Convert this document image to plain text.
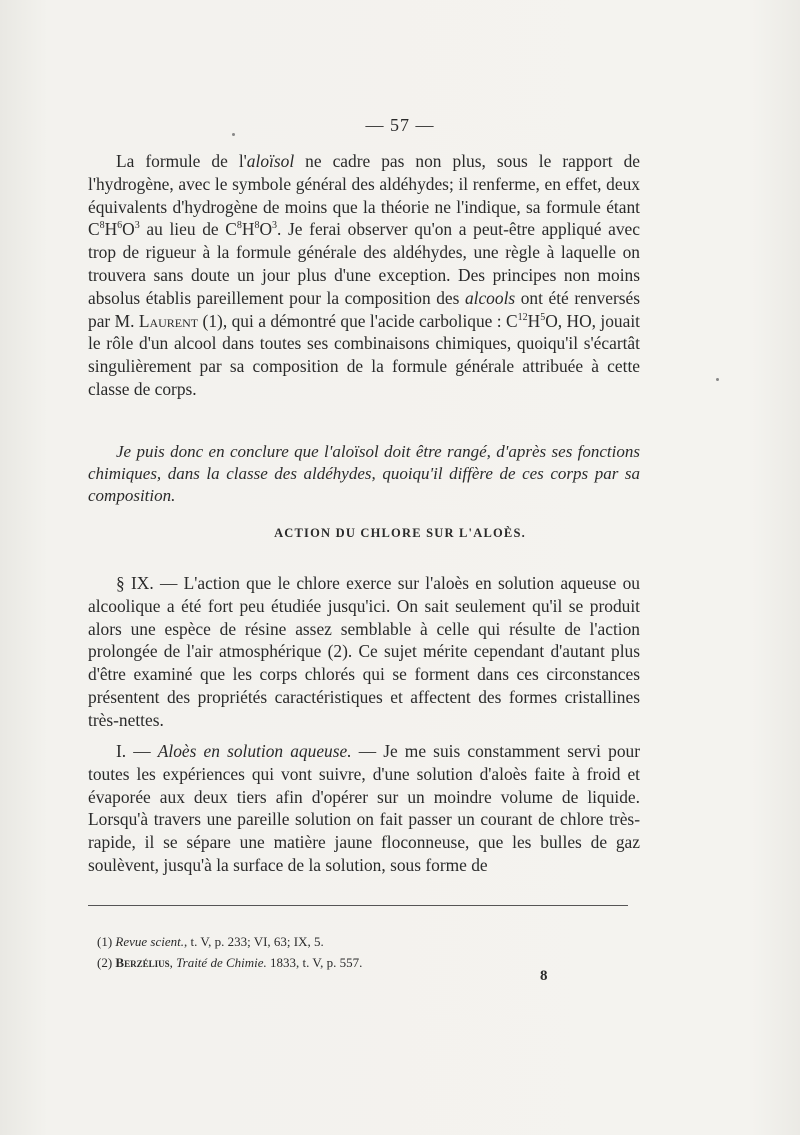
— 57 —

La formule de l'aloïsol ne cadre pas non plus, sous le rapport de l'hydrogène, avec le symbole général des aldéhydes; il renferme, en effet, deux équivalents d'hydrogène de moins que la théorie ne l'indique, sa formule étant $C^8H^6O^3$ au lieu de $C^8H^8O^3$. Je ferai observer qu'on a peut-être appliqué avec trop de rigueur à la formule générale des aldéhydes, une règle à laquelle on trouvera sans doute un jour plus d'une exception. Des principes non moins absolus établis pareillement pour la composition des alcools ont été renversés par M. Laurent (1), qui a démontré que l'acide carbolique : $C^{12}H^5O$, HO, jouait le rôle d'un alcool dans toutes ses combinaisons chimiques, quoiqu'il s'écartât singulièrement par sa composition de la formule générale attribuée à cette classe de corps.

Je puis donc en conclure que l'aloïsol doit être rangé, d'après ses fonctions chimiques, dans la classe des aldéhydes, quoiqu'il diffère de ces corps par sa composition.

ACTION DU CHLORE SUR L'ALOÈS.

§ IX. — L'action que le chlore exerce sur l'aloès en solution aqueuse ou alcoolique a été fort peu étudiée jusqu'ici. On sait seulement qu'il se produit alors une espèce de résine assez semblable à celle qui résulte de l'action prolongée de l'air atmosphérique (2). Ce sujet mérite cependant d'autant plus d'être examiné que les corps chlorés qui se forment dans ces circonstances présentent des propriétés caractéristiques et affectent des formes cristallines très-nettes.

I. — Aloès en solution aqueuse. — Je me suis constamment servi pour toutes les expériences qui vont suivre, d'une solution d'aloès faite à froid et évaporée aux deux tiers afin d'opérer sur un moindre volume de liquide. Lorsqu'à travers une pareille solution on fait passer un courant de chlore très-rapide, il se sépare une matière jaune floconneuse, que les bulles de gaz soulèvent, jusqu'à la surface de la solution, sous forme de

(1) Revue scient., t. V, p. 233; VI, 63; IX, 5.
(2) Berzélius, Traité de Chimie. 1833, t. V, p. 557.
8
